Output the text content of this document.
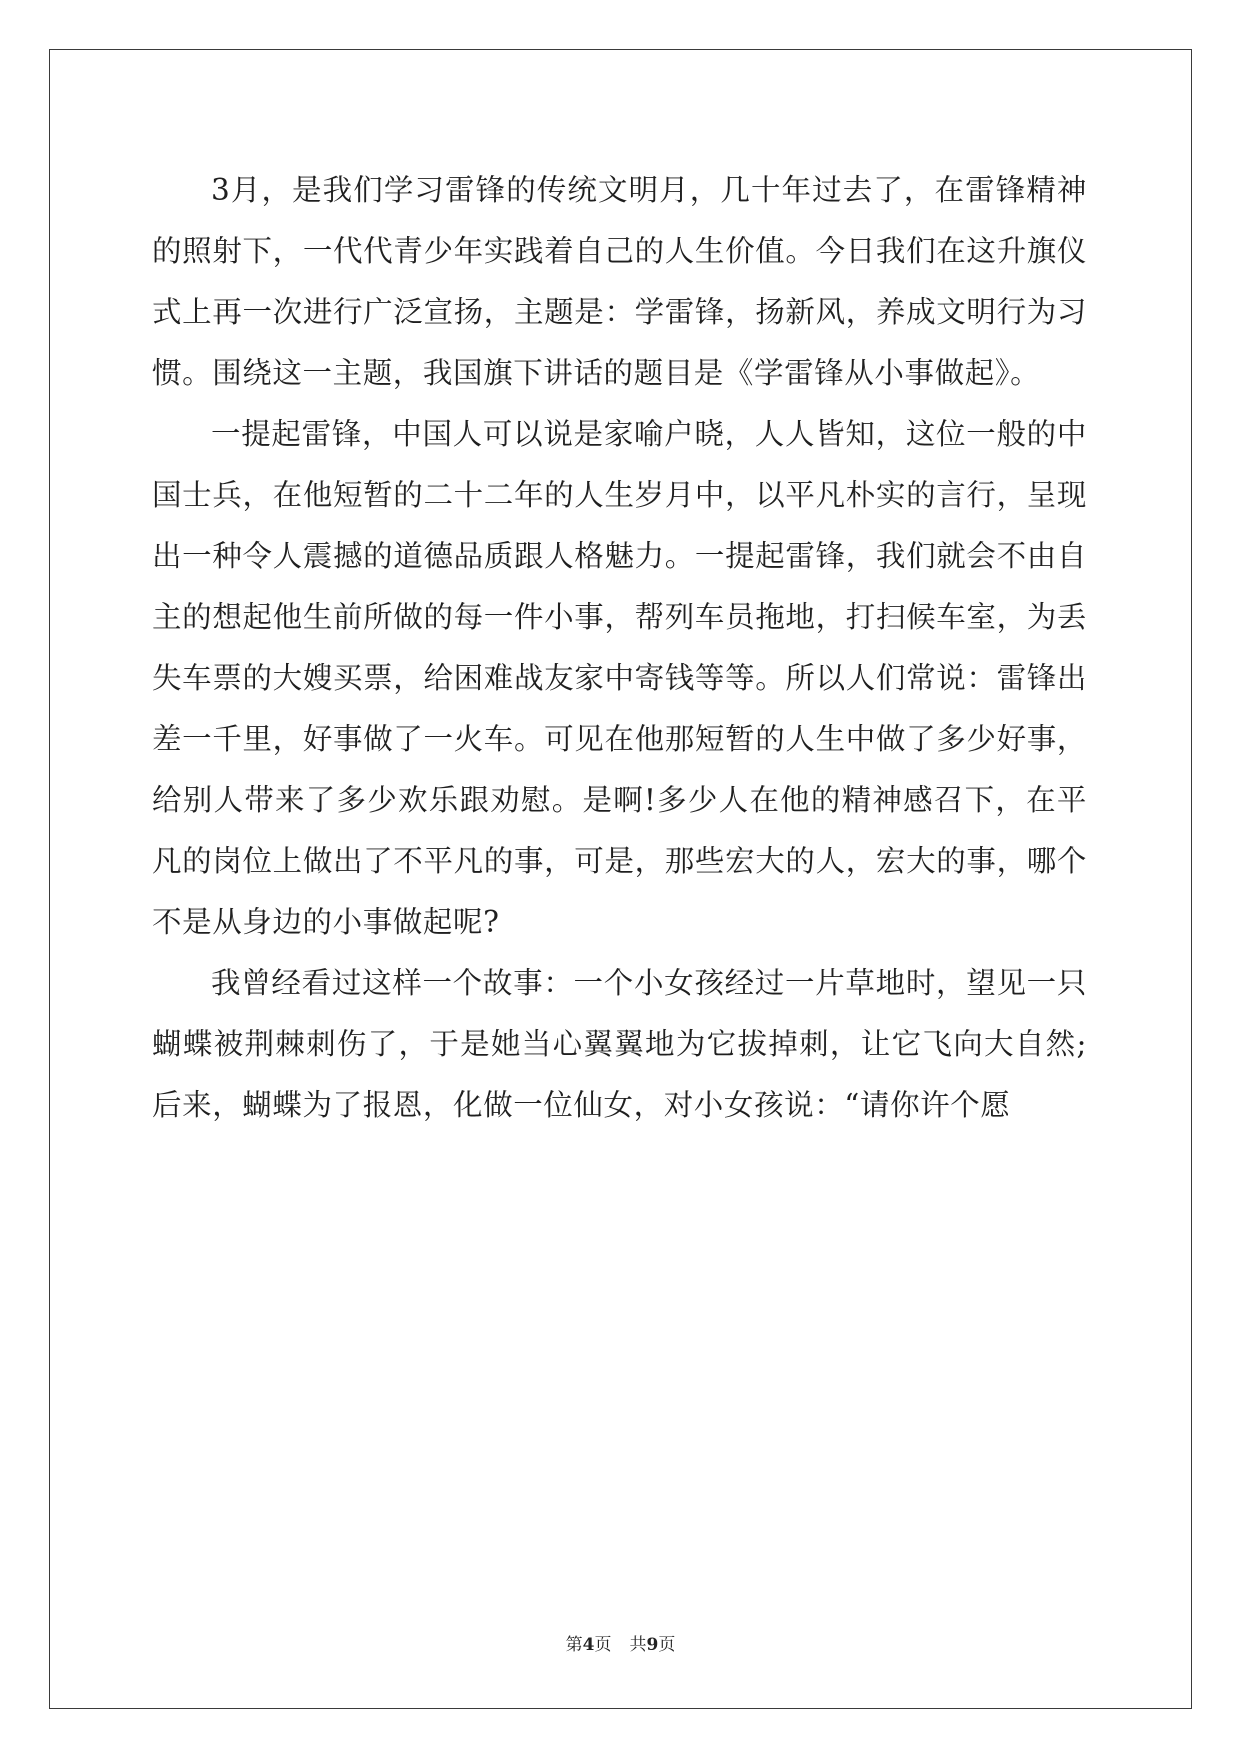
3月，是我们学习雷锋的传统文明月，几十年过去了，在雷锋精神的照射下，一代代青少年实践着自己的人生价值。今日我们在这升旗仪式上再一次进行广泛宣扬，主题是：学雷锋，扬新风，养成文明行为习惯。围绕这一主题，我国旗下讲话的题目是《学雷锋从小事做起》。

一提起雷锋，中国人可以说是家喻户晓，人人皆知，这位一般的中国士兵，在他短暂的二十二年的人生岁月中，以平凡朴实的言行，呈现出一种令人震撼的道德品质跟人格魅力。一提起雷锋，我们就会不由自主的想起他生前所做的每一件小事，帮列车员拖地，打扫候车室，为丢失车票的大嫂买票，给困难战友家中寄钱等等。所以人们常说：雷锋出差一千里，好事做了一火车。可见在他那短暂的人生中做了多少好事，给别人带来了多少欢乐跟劝慰。是啊!多少人在他的精神感召下，在平凡的岗位上做出了不平凡的事，可是，那些宏大的人，宏大的事，哪个不是从身边的小事做起呢?

我曾经看过这样一个故事：一个小女孩经过一片草地时，望见一只蝴蝶被荆棘刺伤了，于是她当心翼翼地为它拔掉刺，让它飞向大自然;后来，蝴蝶为了报恩，化做一位仙女，对小女孩说：“请你许个愿

第4页 共9页
